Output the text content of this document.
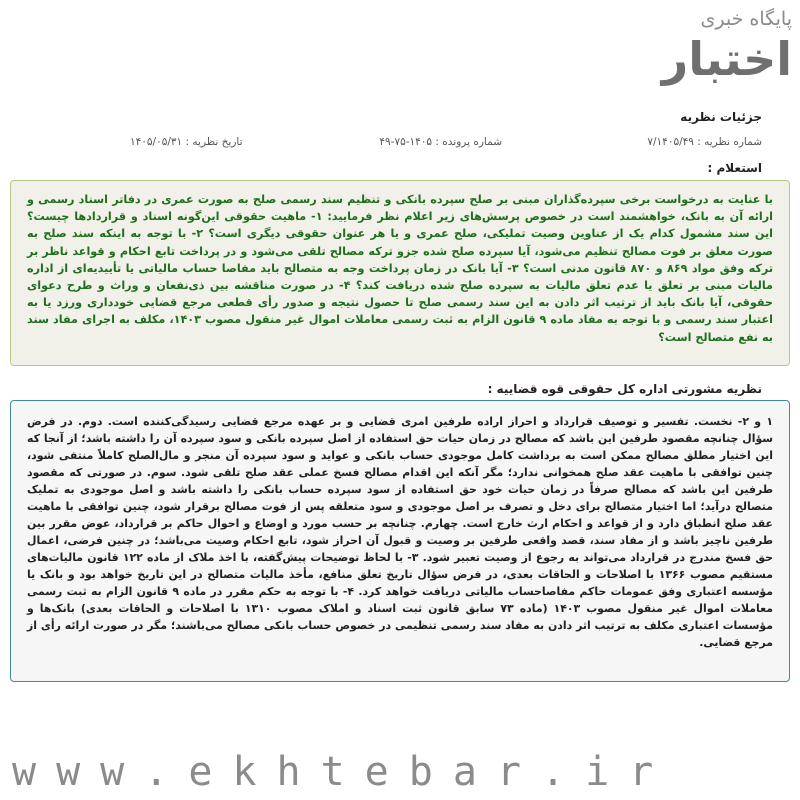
پایگاه خبری
اختبار
جزئیات نظریه
شماره نظریه : ۷/۱۴۰۵/۴۹
شماره پرونده : ۱۴۰۵-۷۵-۴۹
تاریخ نظریه : ۱۴۰۵/۰۵/۳۱
استعلام :
با عنایت به درخواست برخی سپرده‌گذاران مبنی بر صلح سپرده بانکی و تنظیم سند رسمی صلح به صورت عمری در دفاتر اسناد رسمی و ارائه آن به بانک، خواهشمند است در خصوص پرسش‌های زیر اعلام نظر فرمایید: ۱- ماهیت حقوقی این‌گونه اسناد و قراردادها چیست؟ این سند مشمول کدام یک از عناوین وصیت تملیکی، صلح عمری و یا هر عنوان حقوقی دیگری است؟ ۲- با توجه به اینکه سند صلح به صورت معلق بر فوت مصالح تنظیم می‌شود، آیا سپرده صلح شده جزو ترکه مصالح تلقی می‌شود و در پرداخت تابع احکام و قواعد ناظر بر ترکه وفق مواد ۸۶۹ و ۸۷۰ قانون مدنی است؟ ۳- آیا بانک در زمان پرداخت وجه به متصالح باید مفاصا حساب مالیاتی یا تأییدیه‌ای از اداره مالیات مبنی بر تعلق یا عدم تعلق مالیات به سپرده صلح شده دریافت کند؟ ۴- در صورت مناقشه بین ذی‌نفعان و وراث و طرح دعوای حقوقی، آیا بانک باید از ترتیب اثر دادن به این سند رسمی صلح تا حصول نتیجه و صدور رأی قطعی مرجع قضایی خودداری ورزد یا به اعتبار سند رسمی و با توجه به مفاد ماده ۹ قانون الزام به ثبت رسمی معاملات اموال غیر منقول مصوب ۱۴۰۳، مکلف به اجرای مفاد سند به نفع متصالح است؟
نظریه مشورتی اداره کل حقوقی قوه قضاییه :
۱ و ۲- نخست. تفسیر و توصیف قرارداد و احراز اراده طرفین امری قضایی و بر عهده مرجع قضایی رسیدگی‌کننده است. دوم. در فرض سؤال چنانچه مقصود طرفین این باشد که مصالح در زمان حیات حق استفاده از اصل سپرده بانکی و سود سپرده آن را داشته باشد؛ از آنجا که این اختیار مطلق مصالح ممکن است به برداشت کامل موجودی حساب بانکی و عواید و سود سپرده آن منجر و مال‌الصلح کاملاً منتفی شود، چنین توافقی با ماهیت عقد صلح همخوانی ندارد؛ مگر آنکه این اقدام مصالح فسخ عملی عقد صلح تلقی شود. سوم. در صورتی که مقصود طرفین این باشد که مصالح صرفاً در زمان حیات خود حق استفاده از سود سپرده حساب بانکی را داشته باشد و اصل موجودی به تملیک متصالح درآید؛ اما اختیار متصالح برای دخل و تصرف بر اصل موجودی و سود متعلقه پس از فوت مصالح برقرار شود، چنین توافقی با ماهیت عقد صلح انطباق دارد و از قواعد و احکام ارث خارج است. چهارم. چنانچه بر حسب مورد و اوضاع و احوال حاکم بر قرارداد، عوض مقرر بین طرفین ناچیز باشد و از مفاد سند، قصد واقعی طرفین بر وصیت و قبول آن احراز شود، تابع احکام وصیت می‌باشد؛ در چنین فرضی، اعمال حق فسخ مندرج در قرارداد می‌تواند به رجوع از وصیت تعبیر شود. ۳- با لحاظ توضیحات پیش‌گفته، با اخذ ملاک از ماده ۱۲۲ قانون مالیات‌های مستقیم مصوب ۱۳۶۶ با اصلاحات و الحاقات بعدی، در فرض سؤال تاریخ تعلق منافع، مأخذ مالیات متصالح در این تاریخ خواهد بود و بانک یا مؤسسه اعتباری وفق عمومات حاکم مفاصاحساب مالیاتی دریافت خواهد کرد. ۴- با توجه به حکم مقرر در ماده ۹ قانون الزام به ثبت رسمی معاملات اموال غیر منقول مصوب ۱۴۰۳ (ماده ۷۳ سابق قانون ثبت اسناد و املاک مصوب ۱۳۱۰ با اصلاحات و الحاقات بعدی) بانک‌ها و مؤسسات اعتباری مکلف به ترتیب اثر دادن به مفاد سند رسمی تنظیمی در خصوص حساب بانکی مصالح می‌باشند؛ مگر در صورت ارائه رأی از مرجع قضایی.
www.ekhtebar.ir
